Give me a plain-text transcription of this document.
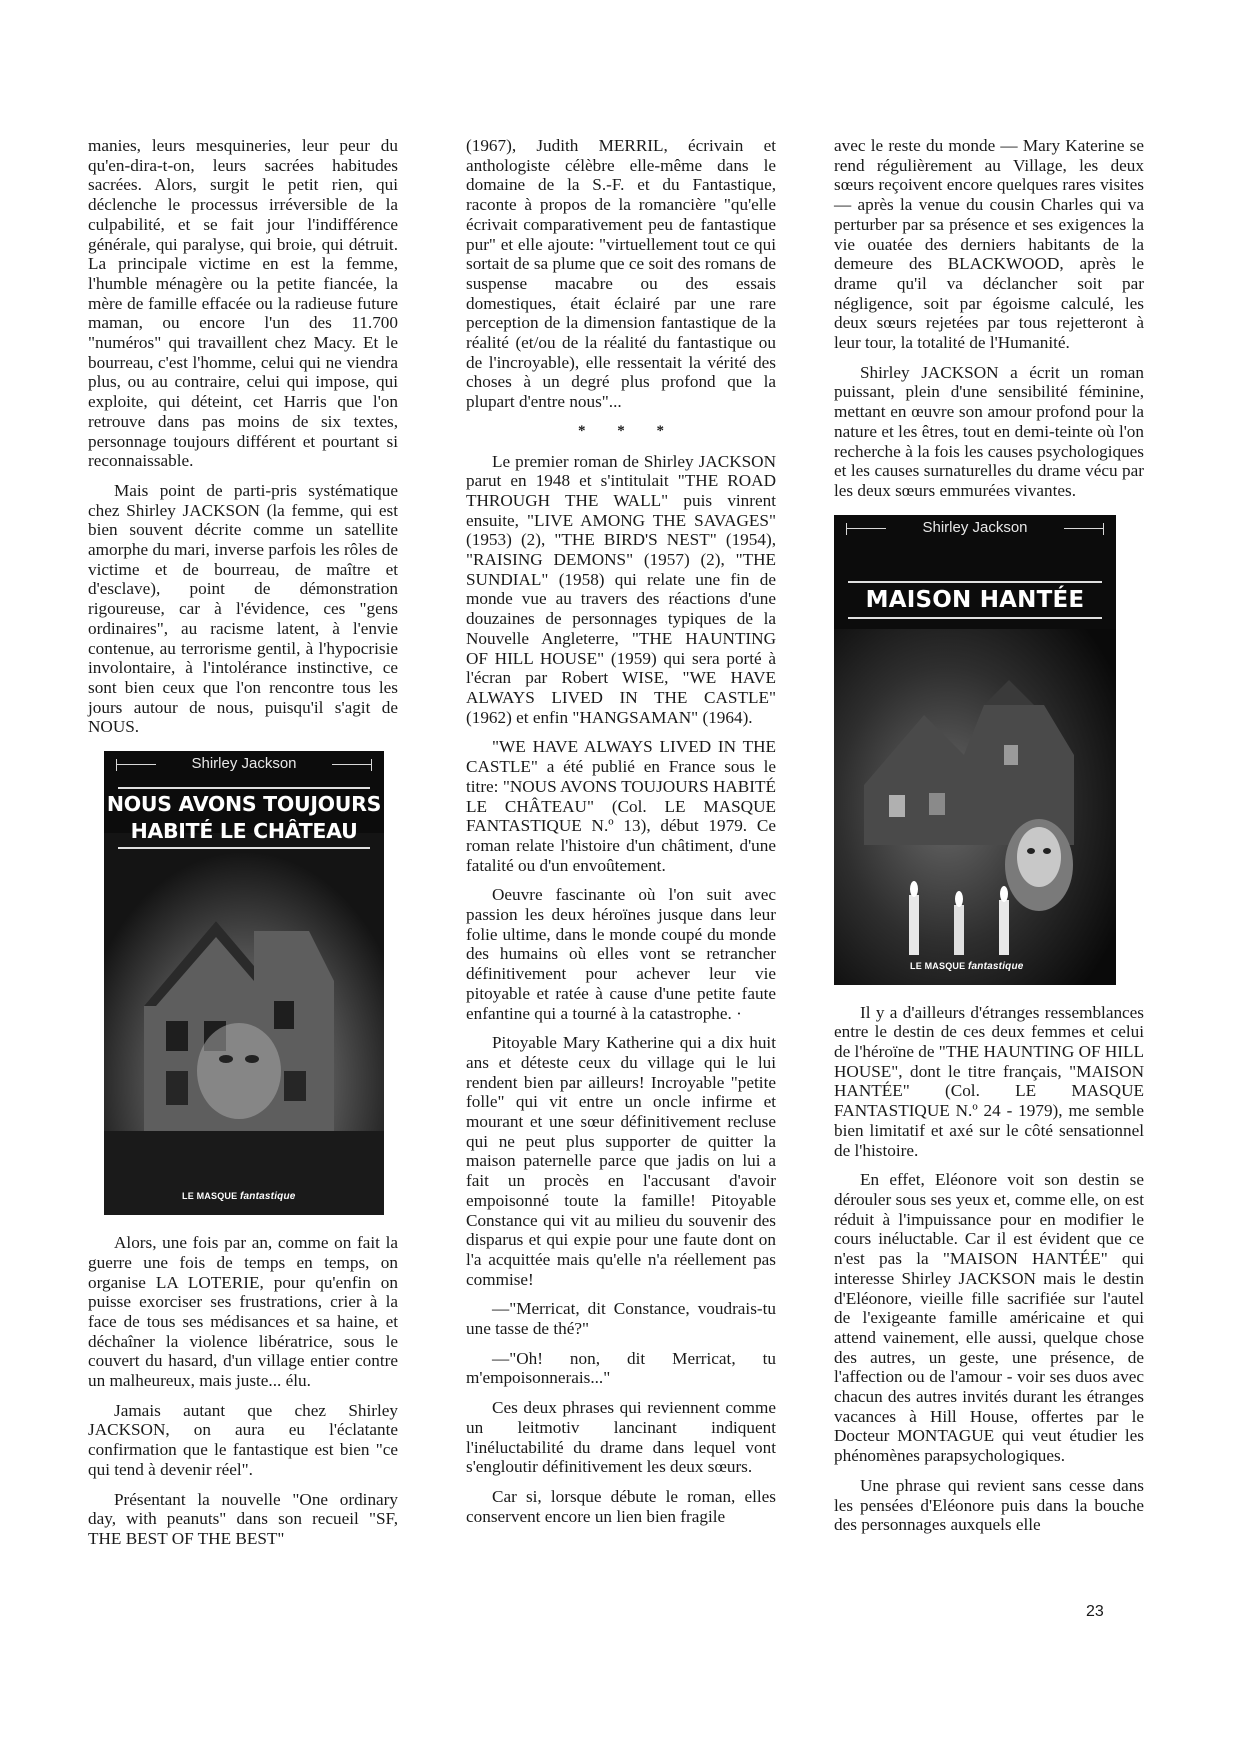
manies, leurs mesquineries, leur peur du qu'en-dira-t-on, leurs sacrées habitudes sacrées. Alors, surgit le petit rien, qui déclenche le processus irréversible de la culpabilité, et se fait jour l'indifférence générale, qui paralyse, qui broie, qui détruit. La principale victime en est la femme, l'humble ménagère ou la petite fiancée, la mère de famille effacée ou la radieuse future maman, ou encore l'un des 11.700 "numéros" qui travaillent chez Macy. Et le bourreau, c'est l'homme, celui qui ne viendra plus, ou au contraire, celui qui impose, qui exploite, qui déteint, cet Harris que l'on retrouve dans pas moins de six textes, personnage toujours différent et pourtant si reconnaissable.

Mais point de parti-pris systématique chez Shirley JACKSON (la femme, qui est bien souvent décrite comme un satellite amorphe du mari, inverse parfois les rôles de victime et de bourreau, de maître et d'esclave), point de démonstration rigoureuse, car à l'évidence, ces "gens ordinaires", au racisme latent, à l'envie contenue, au terrorisme gentil, à l'hypocrisie involontaire, à l'intolérance instinctive, ce sont bien ceux que l'on rencontre tous les jours autour de nous, puisqu'il s'agit de NOUS.

Shirley Jackson
NOUS AVONS TOUJOURS
HABITÉ LE CHÂTEAU
LE MASQUE fantastique

Alors, une fois par an, comme on fait la guerre une fois de temps en temps, on organise LA LOTERIE, pour qu'enfin on puisse exorciser ses frustrations, crier à la face de tous ses médisances et sa haine, et déchaîner la violence libératrice, sous le couvert du hasard, d'un village entier contre un malheureux, mais juste... élu.

Jamais autant que chez Shirley JACKSON, on aura eu l'éclatante confirmation que le fantastique est bien "ce qui tend à devenir réel".

Présentant la nouvelle "One ordinary day, with peanuts" dans son recueil "SF, THE BEST OF THE BEST"

(1967), Judith MERRIL, écrivain et anthologiste célèbre elle-même dans le domaine de la S.-F. et du Fantastique, raconte à propos de la romancière "qu'elle écrivait comparativement peu de fantastique pur" et elle ajoute: "virtuellement tout ce qui sortait de sa plume que ce soit des romans de suspense macabre ou des essais domestiques, était éclairé par une rare perception de la dimension fantastique de la réalité (et/ou de la réalité du fantastique ou de l'incroyable), elle ressentait la vérité des choses à un degré plus profond que la plupart d'entre nous"...

* * *

Le premier roman de Shirley JACKSON parut en 1948 et s'intitulait "THE ROAD THROUGH THE WALL" puis vinrent ensuite, "LIVE AMONG THE SAVAGES" (1953) (2), "THE BIRD'S NEST" (1954), "RAISING DEMONS" (1957) (2), "THE SUNDIAL" (1958) qui relate une fin de monde vue au travers des réactions d'une douzaines de personnages typiques de la Nouvelle Angleterre, "THE HAUNTING OF HILL HOUSE" (1959) qui sera porté à l'écran par Robert WISE, "WE HAVE ALWAYS LIVED IN THE CASTLE" (1962) et enfin "HANGSAMAN" (1964).

"WE HAVE ALWAYS LIVED IN THE CASTLE" a été publié en France sous le titre: "NOUS AVONS TOUJOURS HABITÉ LE CHÂTEAU" (Col. LE MASQUE FANTASTIQUE N.º 13), début 1979. Ce roman relate l'histoire d'un châtiment, d'une fatalité ou d'un envoûtement.

Oeuvre fascinante où l'on suit avec passion les deux héroïnes jusque dans leur folie ultime, dans le monde coupé du monde des humains où elles vont se retrancher définitivement pour achever leur vie pitoyable et ratée à cause d'une petite faute enfantine qui a tourné à la catastrophe. ·

Pitoyable Mary Katherine qui a dix huit ans et déteste ceux du village qui le lui rendent bien par ailleurs! Incroyable "petite folle" qui vit entre un oncle infirme et mourant et une sœur définitivement recluse qui ne peut plus supporter de quitter la maison paternelle parce que jadis on lui a fait un procès en l'accusant d'avoir empoisonné toute la famille! Pitoyable Constance qui vit au milieu du souvenir des disparus et qui expie pour une faute dont on l'a acquittée mais qu'elle n'a réellement pas commise!

—"Merricat, dit Constance, voudrais-tu une tasse de thé?"

—"Oh! non, dit Merricat, tu m'empoisonnerais..."

Ces deux phrases qui reviennent comme un leitmotiv lancinant indiquent l'inéluctabilité du drame dans lequel vont s'engloutir définitivement les deux sœurs.

Car si, lorsque débute le roman, elles conservent encore un lien bien fragile

avec le reste du monde — Mary Katerine se rend régulièrement au Village, les deux sœurs reçoivent encore quelques rares visites — après la venue du cousin Charles qui va perturber par sa présence et ses exigences la vie ouatée des derniers habitants de la demeure des BLACKWOOD, après le drame qu'il va déclancher soit par négligence, soit par égoisme calculé, les deux sœurs rejetées par tous rejetteront à leur tour, la totalité de l'Humanité.

Shirley JACKSON a écrit un roman puissant, plein d'une sensibilité féminine, mettant en œuvre son amour profond pour la nature et les êtres, tout en demi-teinte où l'on recherche à la fois les causes psychologiques et les causes surnaturelles du drame vécu par les deux sœurs emmurées vivantes.

Shirley Jackson
MAISON HANTÉE
LE MASQUE fantastique

Il y a d'ailleurs d'étranges ressemblances entre le destin de ces deux femmes et celui de l'héroïne de "THE HAUNTING OF HILL HOUSE", dont le titre français, "MAISON HANTÉE" (Col. LE MASQUE FANTASTIQUE N.º 24 - 1979), me semble bien limitatif et axé sur le côté sensationnel de l'histoire.

En effet, Eléonore voit son destin se dérouler sous ses yeux et, comme elle, on est réduit à l'impuissance pour en modifier le cours inéluctable. Car il est évident que ce n'est pas la "MAISON HANTÉE" qui interesse Shirley JACKSON mais le destin d'Eléonore, vieille fille sacrifiée sur l'autel de l'exigeante famille américaine et qui attend vainement, elle aussi, quelque chose des autres, un geste, une présence, de l'affection ou de l'amour - voir ses duos avec chacun des autres invités durant les étranges vacances à Hill House, offertes par le Docteur MONTAGUE qui veut étudier les phénomènes parapsychologiques.

Une phrase qui revient sans cesse dans les pensées d'Eléonore puis dans la bouche des personnages auxquels elle

23
